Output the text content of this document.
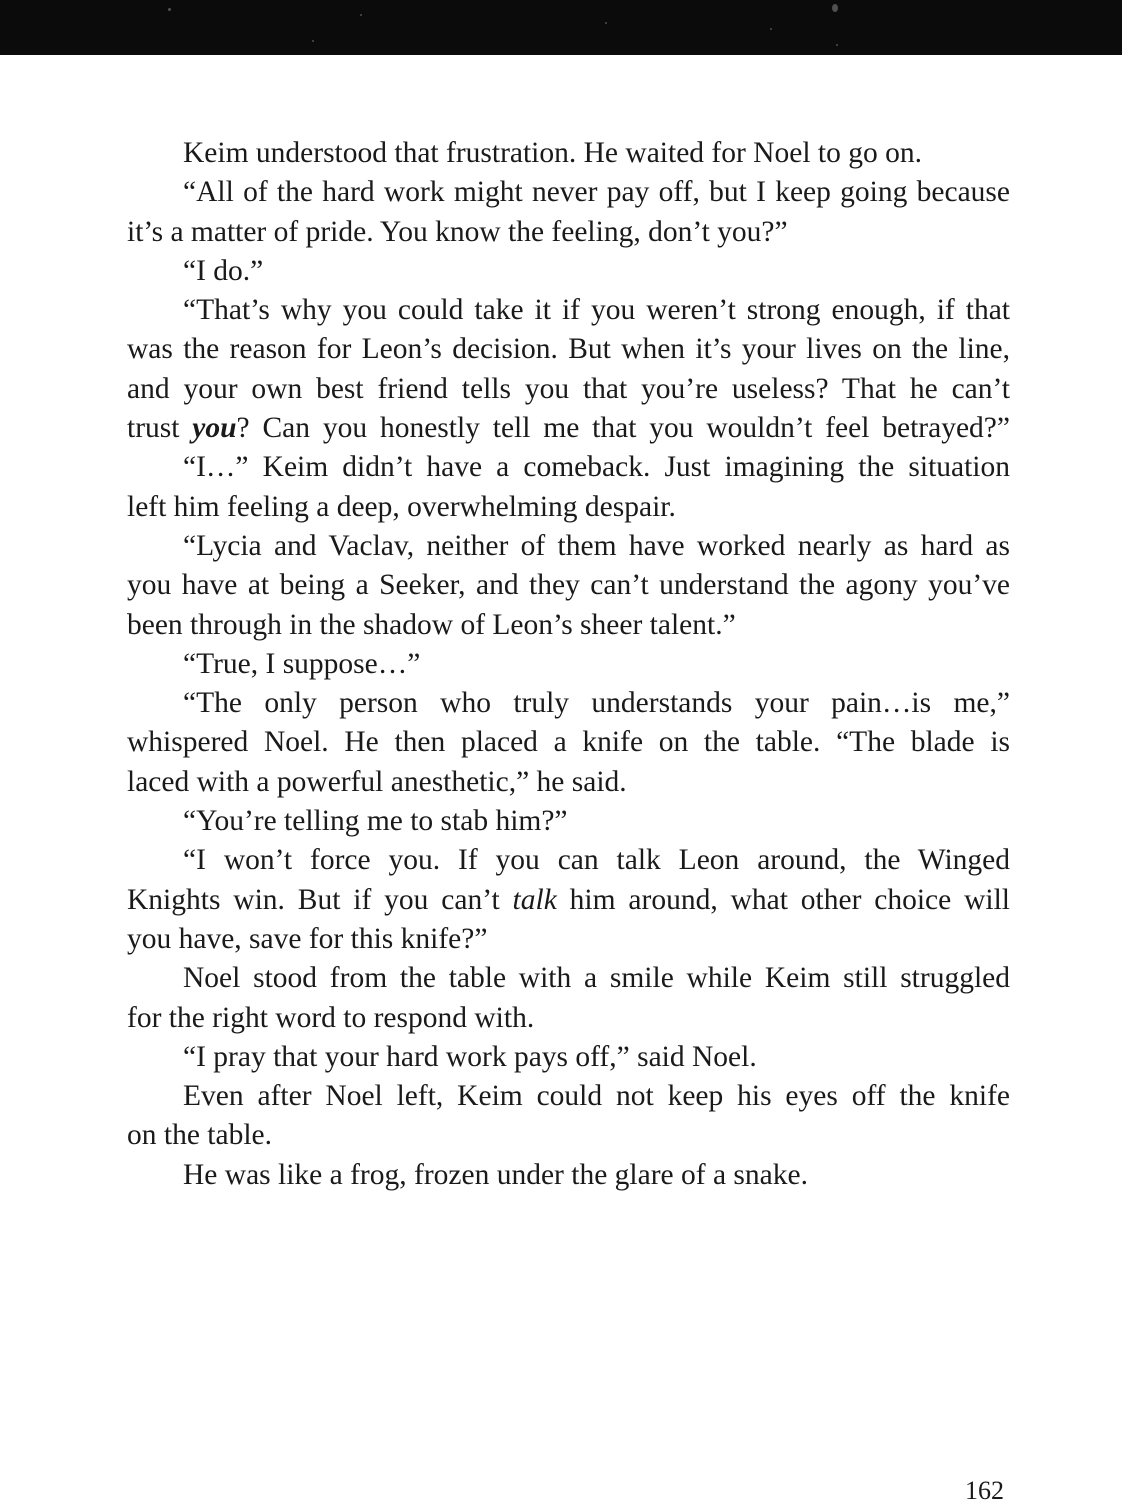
Keim understood that frustration. He waited for Noel to go on.

“All of the hard work might never pay off, but I keep going because

it’s a matter of pride. You know the feeling, don’t you?”

“I do.”

“That’s why you could take it if you weren’t strong enough, if that

was the reason for Leon’s decision. But when it’s your lives on the line,

and your own best friend tells you that you’re useless? That he can’t

trust you? Can you honestly tell me that you wouldn’t feel betrayed?”

“I…” Keim didn’t have a comeback. Just imagining the situation

left him feeling a deep, overwhelming despair.

“Lycia and Vaclav, neither of them have worked nearly as hard as

you have at being a Seeker, and they can’t understand the agony you’ve

been through in the shadow of Leon’s sheer talent.”

“True, I suppose…”

“The only person who truly understands your pain…is me,”

whispered Noel. He then placed a knife on the table. “The blade is

laced with a powerful anesthetic,” he said.

“You’re telling me to stab him?”

“I won’t force you. If you can talk Leon around, the Winged

Knights win. But if you can’t talk him around, what other choice will

you have, save for this knife?”

Noel stood from the table with a smile while Keim still struggled

for the right word to respond with.

“I pray that your hard work pays off,” said Noel.

Even after Noel left, Keim could not keep his eyes off the knife

on the table.

He was like a frog, frozen under the glare of a snake.

162
